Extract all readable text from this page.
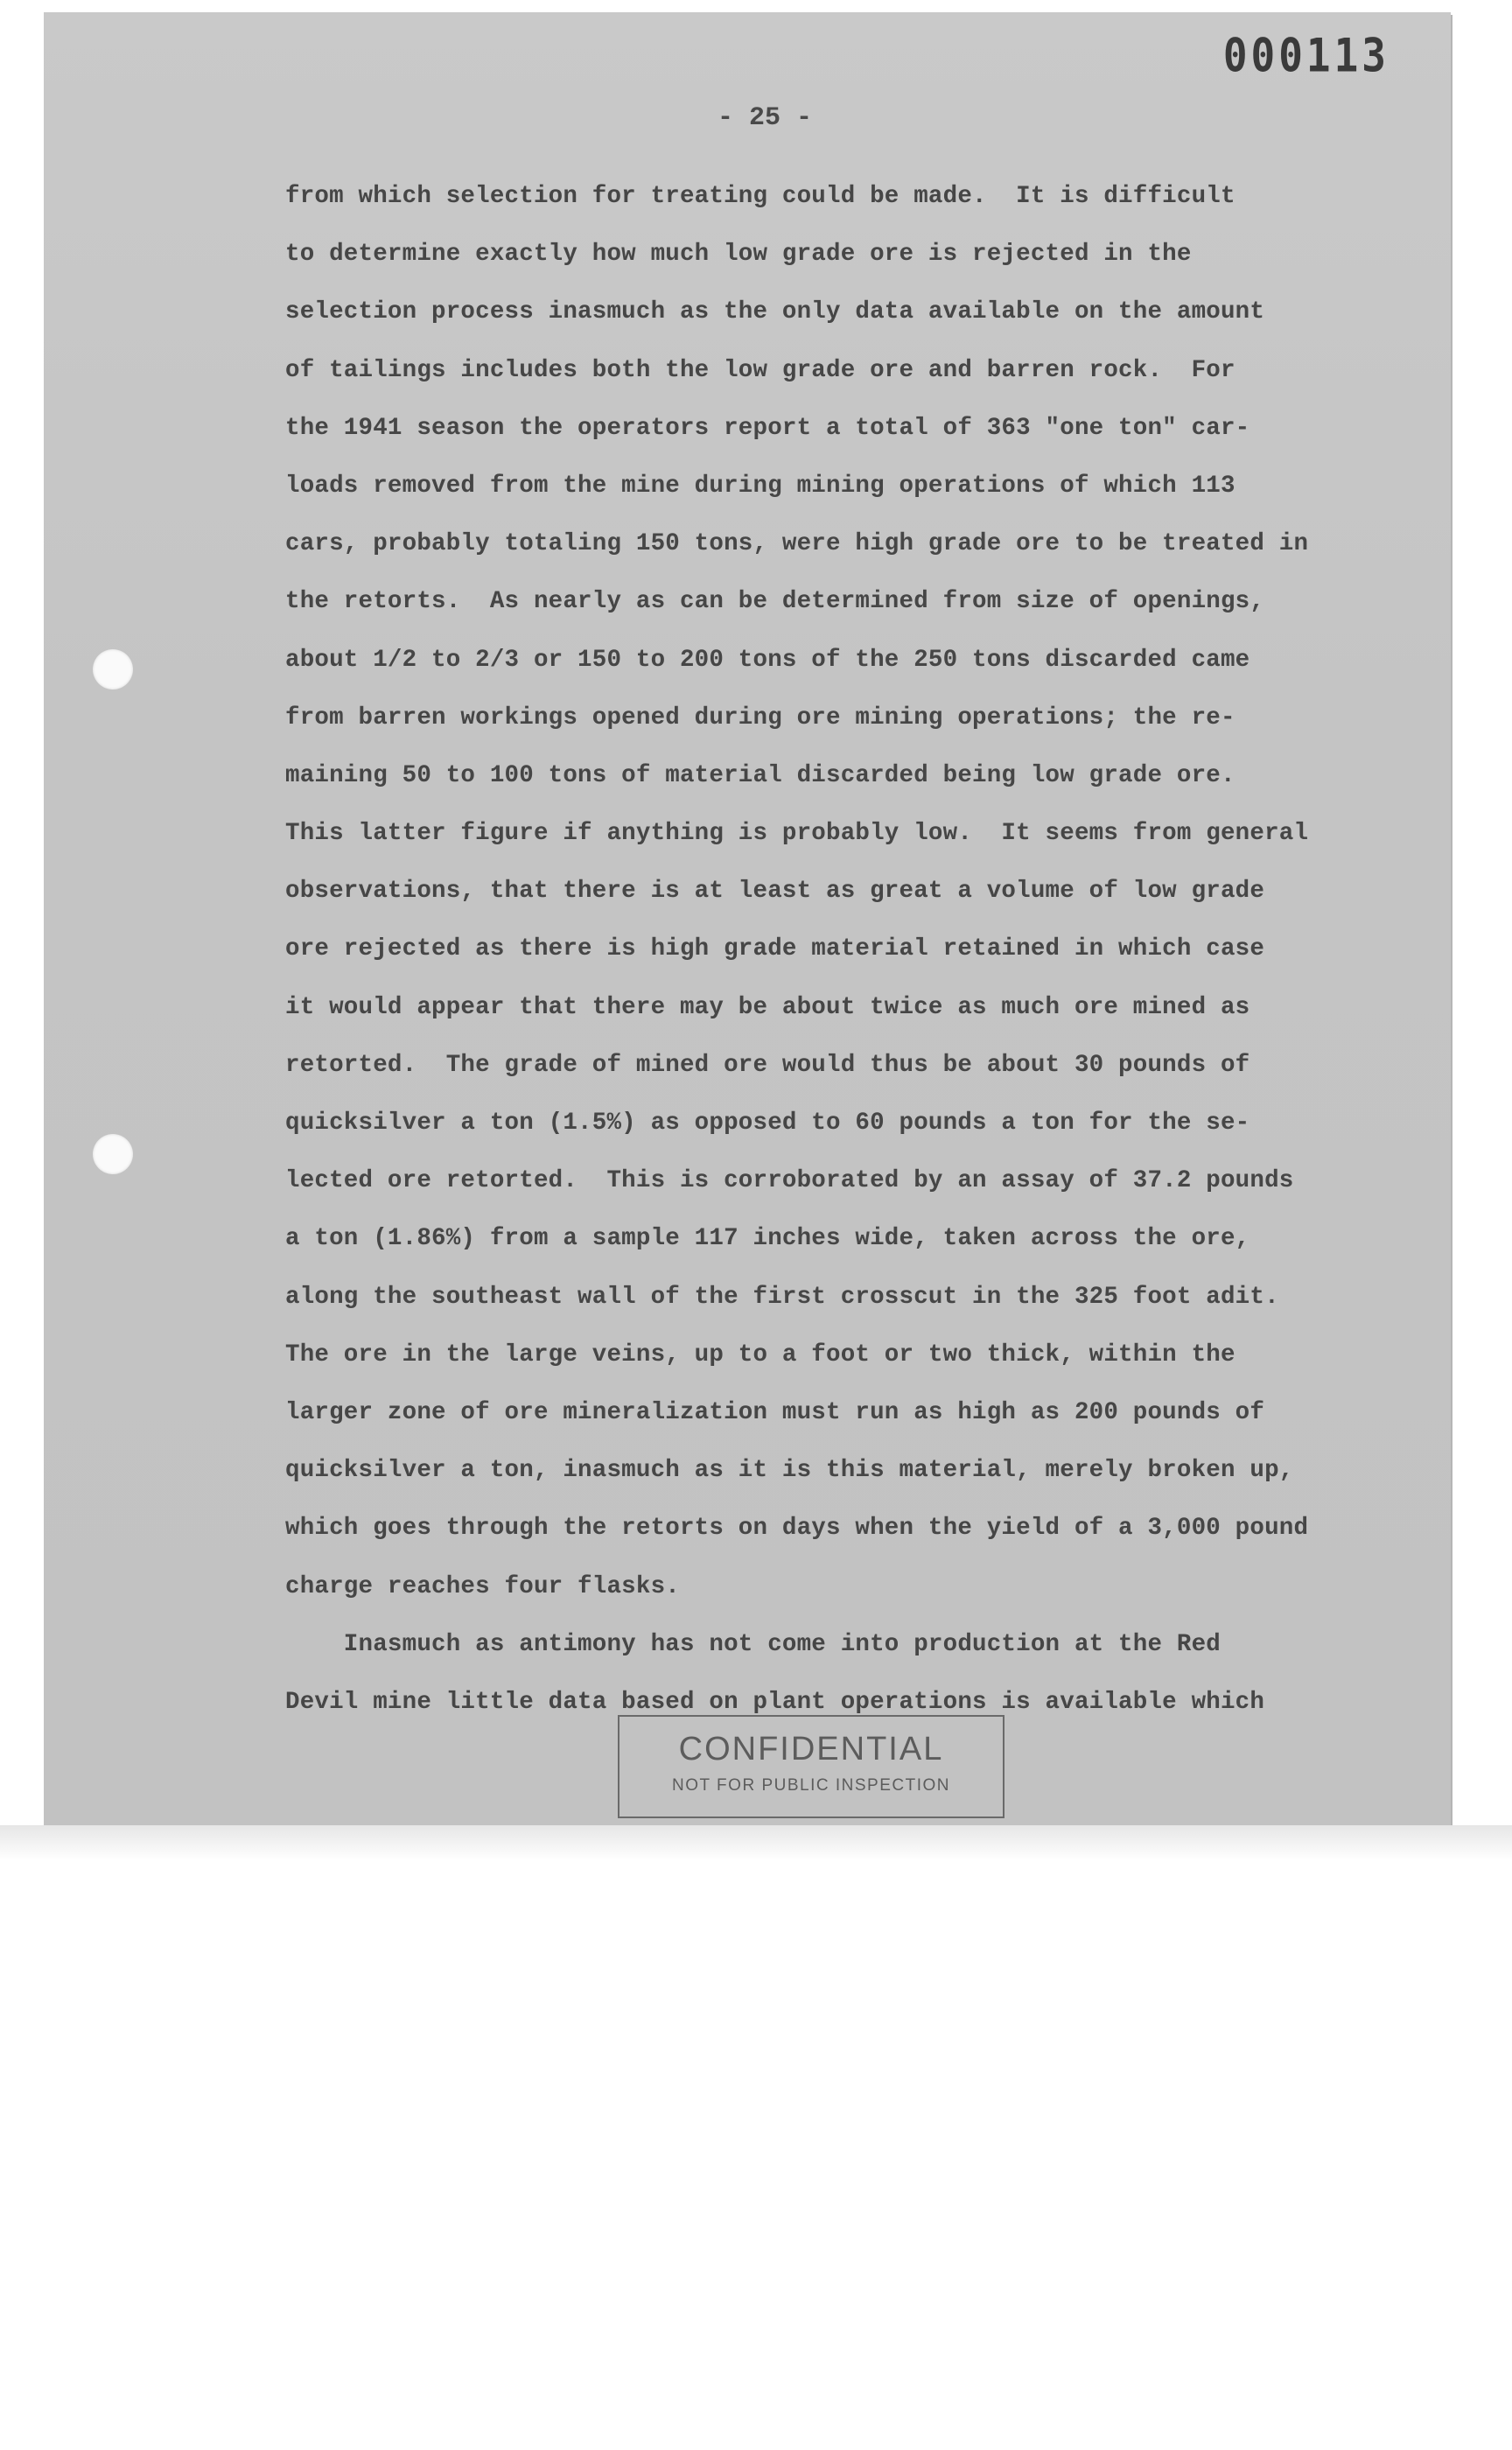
000113
- 25 -
from which selection for treating could be made.  It is difficult
to determine exactly how much low grade ore is rejected in the
selection process inasmuch as the only data available on the amount
of tailings includes both the low grade ore and barren rock.  For
the 1941 season the operators report a total of 363 "one ton" car-
loads removed from the mine during mining operations of which 113
cars, probably totaling 150 tons, were high grade ore to be treated in
the retorts.  As nearly as can be determined from size of openings,
about 1/2 to 2/3 or 150 to 200 tons of the 250 tons discarded came
from barren workings opened during ore mining operations; the re-
maining 50 to 100 tons of material discarded being low grade ore.
This latter figure if anything is probably low.  It seems from general
observations, that there is at least as great a volume of low grade
ore rejected as there is high grade material retained in which case
it would appear that there may be about twice as much ore mined as
retorted.  The grade of mined ore would thus be about 30 pounds of
quicksilver a ton (1.5%) as opposed to 60 pounds a ton for the se-
lected ore retorted.  This is corroborated by an assay of 37.2 pounds
a ton (1.86%) from a sample 117 inches wide, taken across the ore,
along the southeast wall of the first crosscut in the 325 foot adit.
The ore in the large veins, up to a foot or two thick, within the
larger zone of ore mineralization must run as high as 200 pounds of
quicksilver a ton, inasmuch as it is this material, merely broken up,
which goes through the retorts on days when the yield of a 3,000 pound
charge reaches four flasks.
Inasmuch as antimony has not come into production at the Red
Devil mine little data based on plant operations is available which
CONFIDENTIAL
NOT FOR PUBLIC INSPECTION
